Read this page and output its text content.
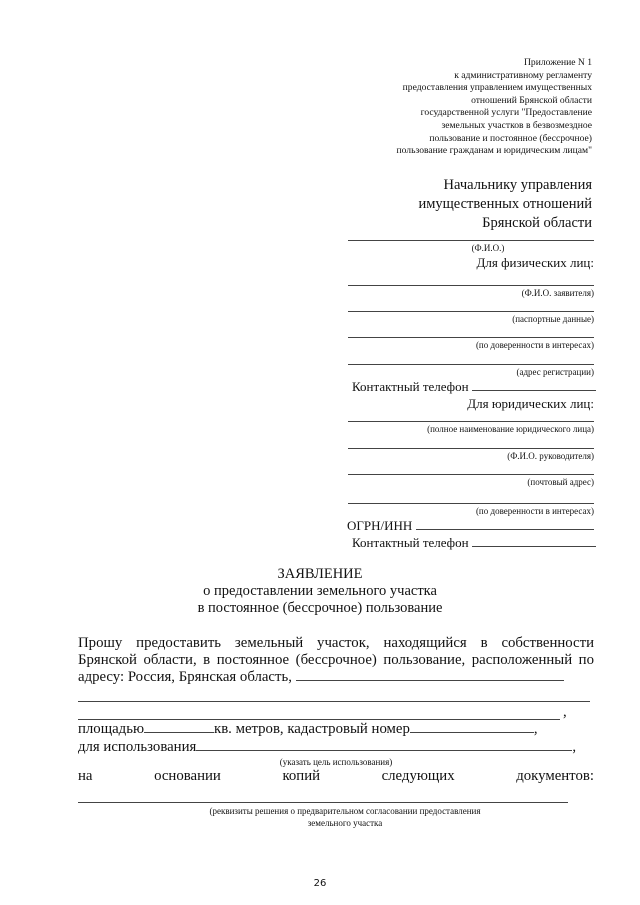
Приложение N 1
к административному регламенту
предоставления управлением имущественных
отношений Брянской области
государственной услуги "Предоставление
земельных участков в безвозмездное
пользование и постоянное (бессрочное)
пользование гражданам и юридическим лицам"
Начальнику управления
имущественных отношений
Брянской области
(Ф.И.О.)
Для физических лиц:
(Ф.И.О. заявителя)
(паспортные данные)
(по доверенности в интересах)
(адрес регистрации)
Контактный телефон
Для юридических лиц:
(полное наименование юридического лица)
(Ф.И.О. руководителя)
(почтовый адрес)
(по доверенности в интересах)
ОГРН/ИНН
Контактный телефон
ЗАЯВЛЕНИЕ
о предоставлении земельного участка
в постоянное (бессрочное) пользование
Прошу предоставить земельный участок, находящийся в собственности
Брянской области, в постоянное (бессрочное) пользование, расположенный по
адресу: Россия, Брянская область,
,
площадью	кв. метров, кадастровый номер	,
для использования	,
(указать цель использования)
на	основании	копий	следующих	документов:
(реквизиты решения о предварительном согласовании предоставления
земельного участка
26
